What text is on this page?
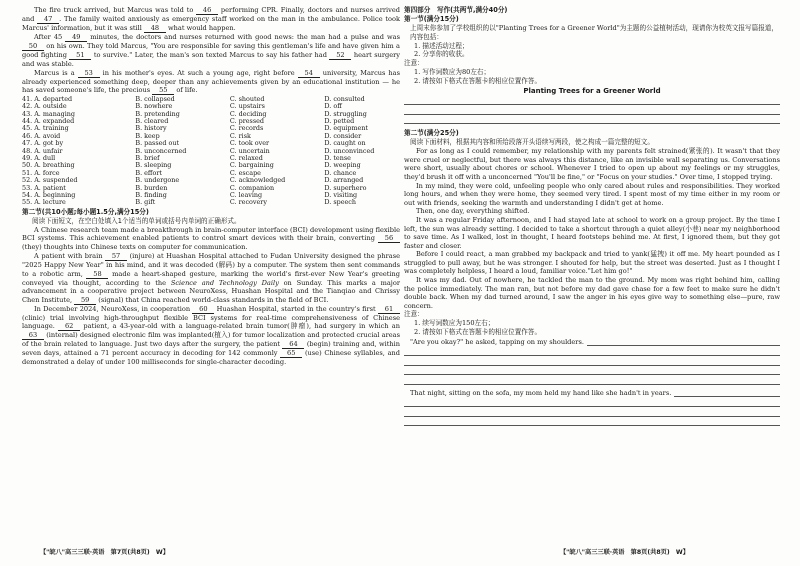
The fire truck arrived, but Marcus was told to 46 performing CPR. Finally, doctors and nurses arrived and 47 . The family waited anxiously as emergency staff worked on the man in the ambulance. Police took Marcus' information, but it was still 48 what would happen.

After 45 49 minutes, the doctors and nurses returned with good news: the man had a pulse and was 50 on his own. They told Marcus, "You are responsible for saving this gentleman's life and have given him a good fighting 51 to survive." Later, the man's son texted Marcus to say his father had 52 heart surgery and was stable.

Marcus is a 53 in his mother's eyes. At such a young age, right before 54 university, Marcus has already experienced something deep, deeper than any achievements given by an educational institution — he has saved someone's life, the precious 55 of life.

41. A. departed	B. collapsed	C. shouted	D. consulted
42. A. outside	B. nowhere	C. upstairs	D. off
43. A. managing	B. pretending	C. deciding	D. struggling
44. A. expanded	B. cleared	C. pressed	D. petted
45. A. training	B. history	C. records	D. equipment
46. A. avoid	B. keep	C. risk	D. consider
47. A. got by	B. passed out	C. took over	D. caught on
48. A. unfair	B. unconcerned	C. uncertain	D. unconvinced
49. A. dull	B. brief	C. relaxed	D. tense
50. A. breathing	B. sleeping	C. bargaining	D. weeping
51. A. force	B. effort	C. escape	D. chance
52. A. suspended	B. undergone	C. acknowledged	D. arranged
53. A. patient	B. burden	C. companion	D. superhero
54. A. beginning	B. finding	C. leaving	D. visiting
55. A. lecture	B. gift	C. recovery	D. speech
第二节(共10小题;每小题1.5分,满分15分)
阅读下面短文，在空白处填入1个适当的单词或括号内单词的正确形式。

A Chinese research team made a breakthrough in brain-computer interface (BCI) development using flexible BCI systems. This achievement enabled patients to control smart devices with their brain, converting 56 (they) thoughts into Chinese texts on computer for communication.

A patient with brain 57 (injure) at Huashan Hospital attached to Fudan University designed the phrase "2025 Happy New Year" in his mind, and it was decoded (解码) by a computer. The system then sent commands to a robotic arm, 58 made a heart-shaped gesture, marking the world's first-ever New Year's greeting conveyed via thought, according to the Science and Technology Daily on Sunday. This marks a major advancement in a cooperative project between NeuroXess, Huashan Hospital and the Tianqiao and Chrissy Chen Institute, 59 (signal) that China reached world-class standards in the field of BCI.

In December 2024, NeuroXess, in cooperation 60 Huashan Hospital, started in the country's first 61 (clinic) trial involving high-throughput flexible BCI systems for real-time comprehensiveness of Chinese language. 62 patient, a 43-year-old with a language-related brain tumor(肿瘤), had surgery in which an 63 (internal) designed electronic film was implanted(植入) for tumor localization and protected crucial areas of the brain related to language. Just two days after the surgery, the patient 64 (begin) training and, within seven days, attained a 71 percent accuracy in decoding for 142 commonly 65 (use) Chinese syllables, and demonstrated a delay of under 100 milliseconds for single-character decoding.

第四部分　写作(共两节,满分40分)
第一节(满分15分)
上周末你参加了学校组织的以"Planting Trees for a Greener World"为主题的公益植树活动，现请你为校英文报写篇报道，内容包括：
1. 描述活动过程；
2. 分享你的收获。
注意：
1. 写作词数应为80左右；
2. 请按如下格式在答题卡的相应位置作答。
Planting Trees for a Greener World
第二节(满分25分)
阅读下面材料，根据其内容和所给段落开头语续写两段，使之构成一篇完整的短文。

For as long as I could remember, my relationship with my parents felt strained(紧张的). It wasn't that they were cruel or neglectful, but there was always this distance, like an invisible wall separating us. Conversations were short, usually about chores or school. Whenever I tried to open up about my feelings or my struggles, they'd brush it off with a unconcerned "You'll be fine," or "Focus on your studies." Over time, I stopped trying.

In my mind, they were cold, unfeeling people who only cared about rules and responsibilities. They worked long hours, and when they were home, they seemed very tired. I spent most of my time either in my room or out with friends, seeking the warmth and understanding I didn't get at home.

Then, one day, everything shifted.

It was a regular Friday afternoon, and I had stayed late at school to work on a group project. By the time I left, the sun was already setting. I decided to take a shortcut through a quiet alley(小巷) near my neighborhood to save time. As I walked, lost in thought, I heard footsteps behind me. At first, I ignored them, but they got faster and closer.

Before I could react, a man grabbed my backpack and tried to yank(猛拽) it off me. My heart pounded as I struggled to pull away, but he was stronger. I shouted for help, but the street was deserted. Just as I thought I was completely helpless, I heard a loud, familiar voice."Let him go!"

It was my dad. Out of nowhere, he tackled the man to the ground. My mom was right behind him, calling the police immediately. The man ran, but not before my dad gave chase for a few feet to make sure he didn't double back. When my dad turned around, I saw the anger in his eyes give way to something else—pure, raw concern.

注意：
1. 续写词数应为150左右；
2. 请按如下格式在答题卡的相应位置作答。
"Are you okay?" he asked, tapping on my shoulders.
That night, sitting on the sofa, my mom held my hand like she hadn't in years.
【"皖八"高三三联·英语　第7页(共8页)　W】	【"皖八"高三三联·英语　第8页(共8页)　W】
